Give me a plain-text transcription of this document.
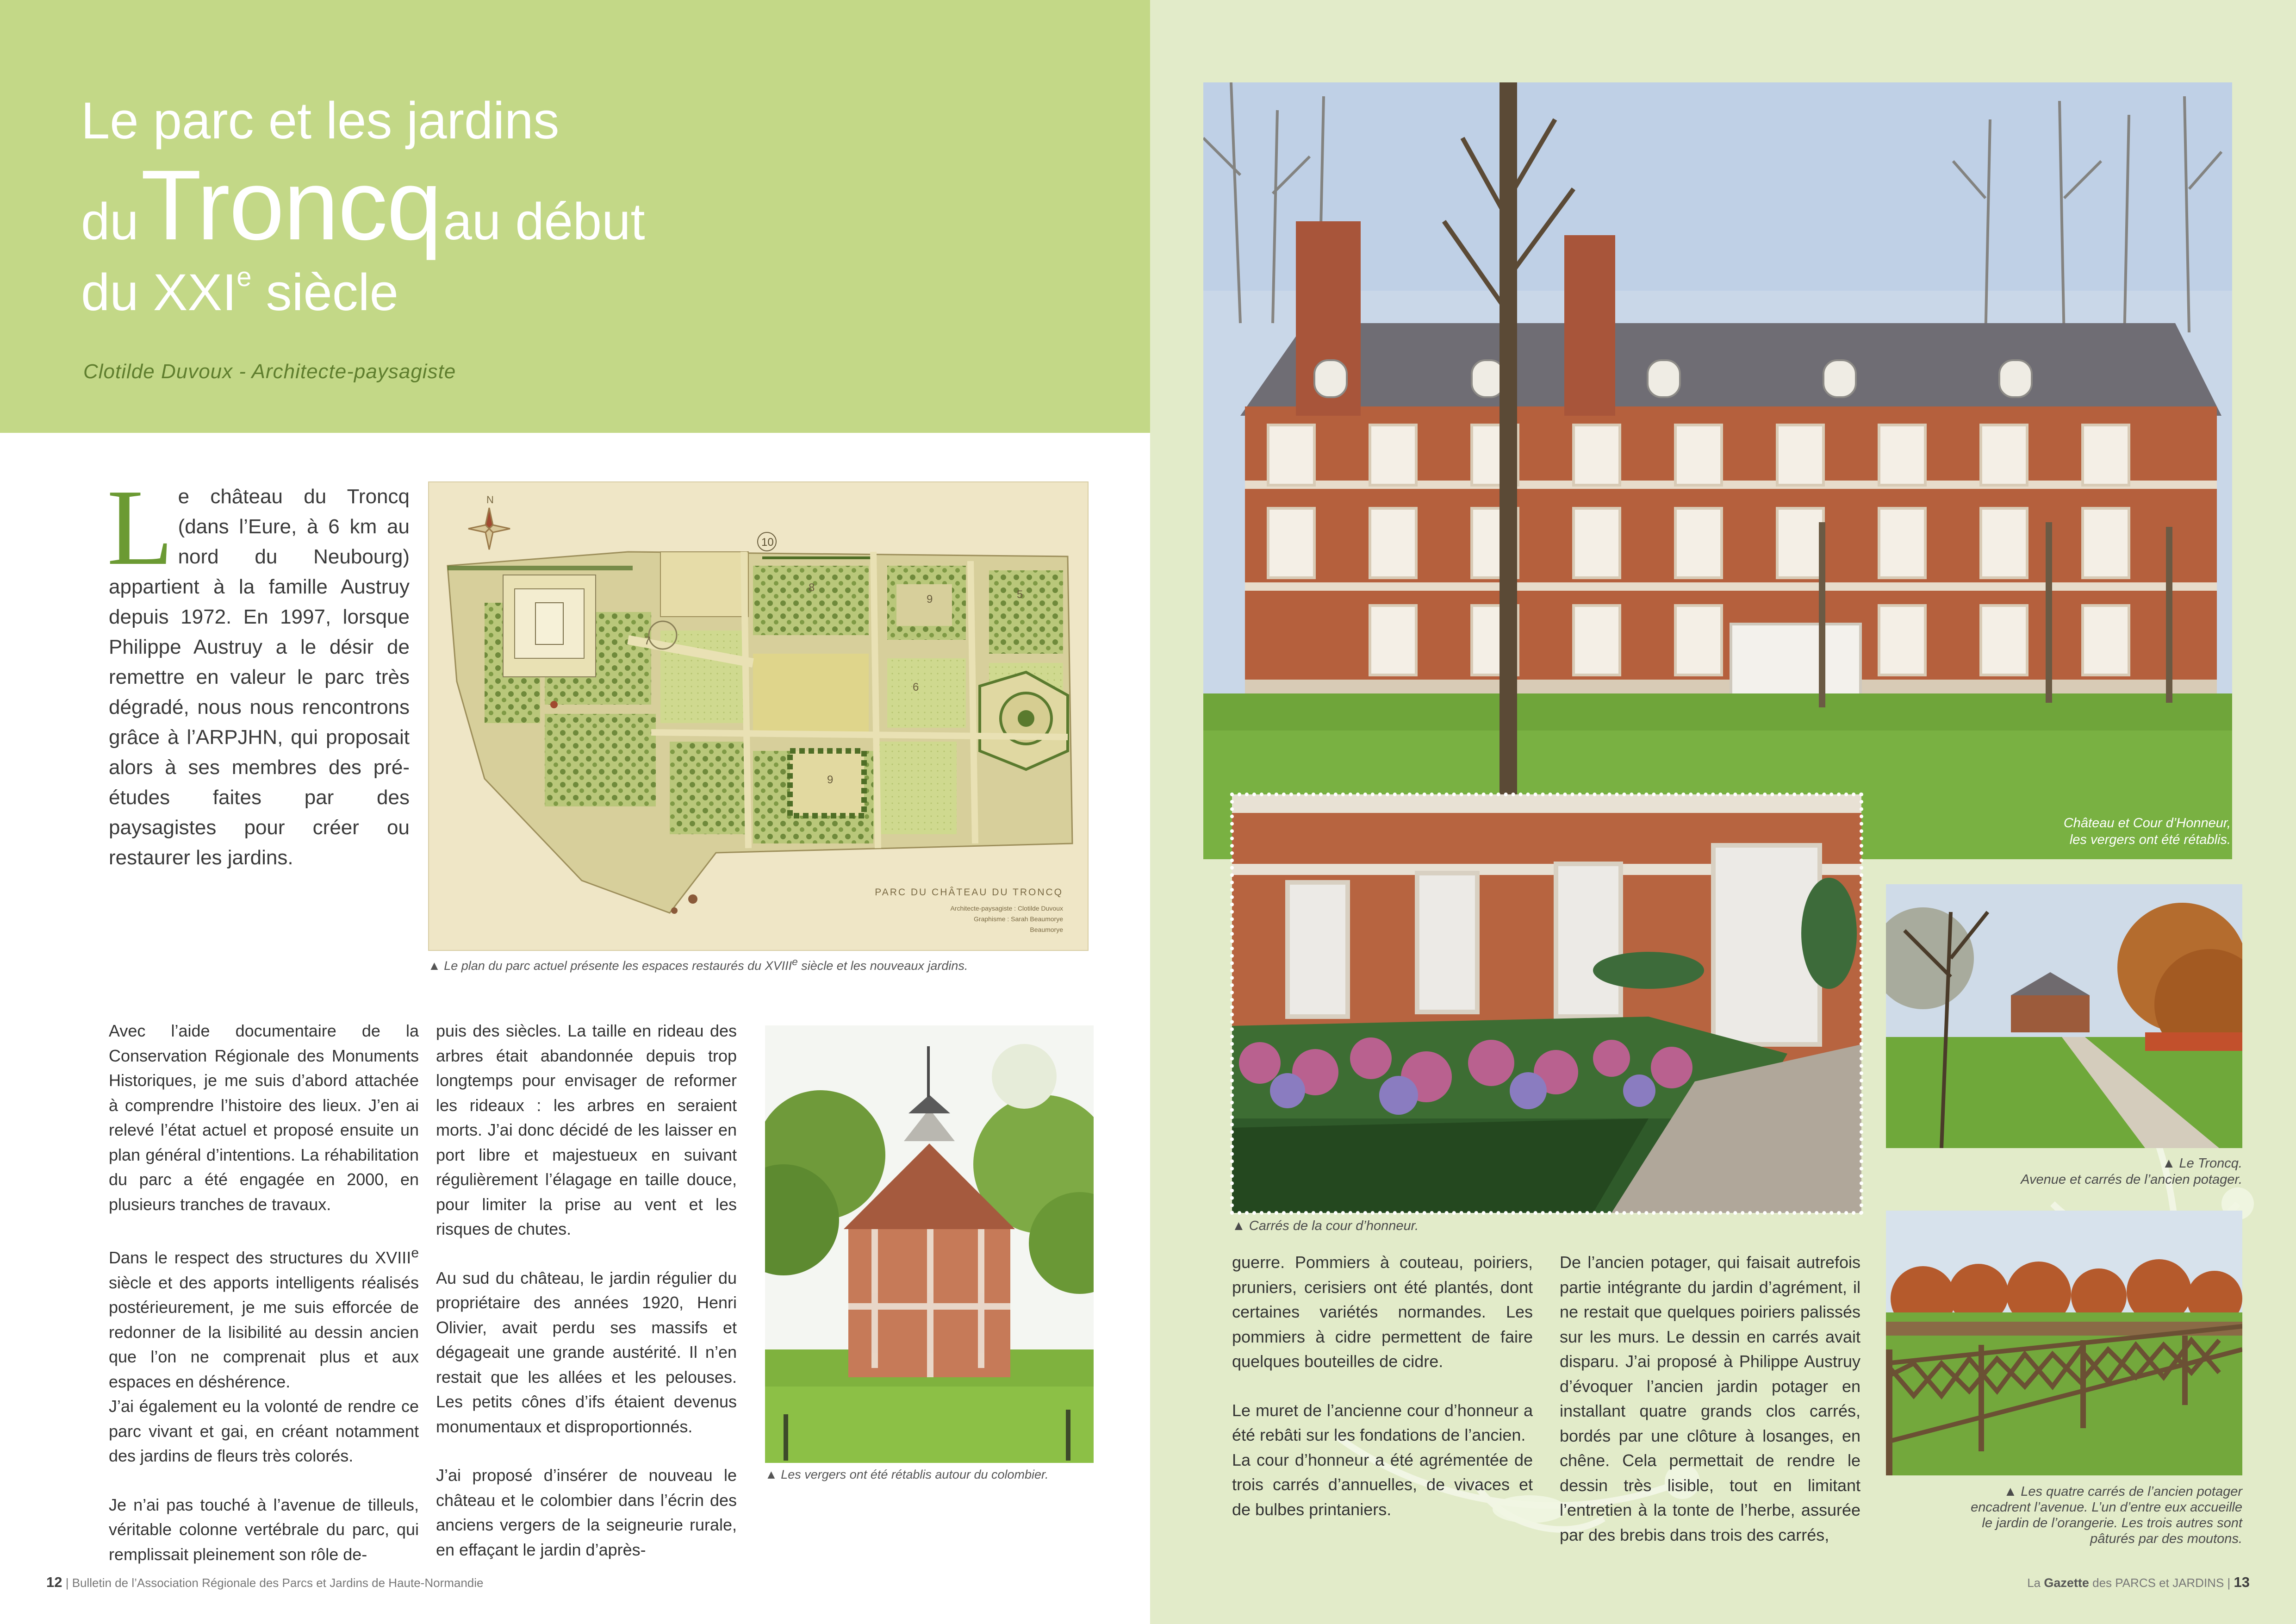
Le parc et les jardins
du Troncq au début
du XXIe siècle
Clotilde Duvoux - Architecte-paysagiste
Le château du Troncq (dans l’Eure, à 6 km au nord du Neubourg) appartient à la famille Austruy depuis 1972. En 1997, lorsque Philippe Austruy a le désir de remettre en valeur le parc très dégradé, nous nous rencontrons grâce à l’ARPJHN, qui proposait alors à ses membres des pré-études faites par des paysagistes pour créer ou restaurer les jardins.
N
10
7
8
9	5
9
6
PARC DU CHÂTEAU DU TRONCQ
Architecte-paysagiste : Clotilde Duvoux
Graphisme : Sarah Beaumorye
Beaumorye
▲ Le plan du parc actuel présente les espaces restaurés du XVIIIe siècle et les nouveaux jardins.

Avec l’aide documentaire de la Conservation Régionale des Monuments Historiques, je me suis d’abord attachée à comprendre l’histoire des lieux. J’en ai relevé l’état actuel et proposé ensuite un plan général d’intentions. La réhabilitation du parc a été engagée en 2000, en plusieurs tranches de travaux.

Dans le respect des structures du XVIIIe siècle et des apports intelligents réalisés postérieurement, je me suis efforcée de redonner de la lisibilité au dessin ancien que l’on ne comprenait plus et aux espaces en déshérence.

J’ai également eu la volonté de rendre ce parc vivant et gai, en créant notamment des jardins de fleurs très colorés.

Je n’ai pas touché à l’avenue de tilleuls, véritable colonne vertébrale du parc, qui remplissait pleinement son rôle de-

puis des siècles. La taille en rideau des arbres était abandonnée depuis trop longtemps pour envisager de reformer les rideaux : les arbres en seraient morts. J’ai donc décidé de les laisser en port libre et majestueux en suivant régulièrement l’élagage en taille douce, pour limiter la prise au vent et les risques de chutes.

Au sud du château, le jardin régulier du propriétaire des années 1920, Henri Olivier, avait perdu ses massifs et dégageait une grande austérité. Il n’en restait que les allées et les pelouses. Les petits cônes d’ifs étaient devenus monumentaux et disproportionnés.

J’ai proposé d’insérer de nouveau le château et le colombier dans l’écrin des anciens vergers de la seigneurie rurale, en effaçant le jardin d’après-

▲ Les vergers ont été rétablis autour du colombier.
12 | Bulletin de l’Association Régionale des Parcs et Jardins de Haute-Normandie
Château et Cour d’Honneur,
les vergers ont été rétablis.
▲ Carrés de la cour d’honneur.
▲ Le Troncq.
Avenue et carrés de l’ancien potager.
▲ Les quatre carrés de l’ancien potager
encadrent l’avenue. L’un d’entre eux accueille
le jardin de l’orangerie. Les trois autres sont
pâturés par des moutons.

guerre. Pommiers à couteau, poiriers, pruniers, cerisiers ont été plantés, dont certaines variétés normandes. Les pommiers à cidre permettent de faire quelques bouteilles de cidre.

Le muret de l’ancienne cour d’honneur a été rebâti sur les fondations de l’ancien.

La cour d’honneur a été agrémentée de trois carrés d’annuelles, de vivaces et de bulbes printaniers.

De l’ancien potager, qui faisait autrefois partie intégrante du jardin d’agrément, il ne restait que quelques poiriers palissés sur les murs. Le dessin en carrés avait disparu. J’ai proposé à Philippe Austruy d’évoquer l’ancien jardin potager en installant quatre grands clos carrés, bordés par une clôture à losanges, en chêne. Cela permettait de rendre le dessin très lisible, tout en limitant l’entretien à la tonte de l’herbe, assurée par des brebis dans trois des carrés,

La Gazette des PARCS et JARDINS | 13
